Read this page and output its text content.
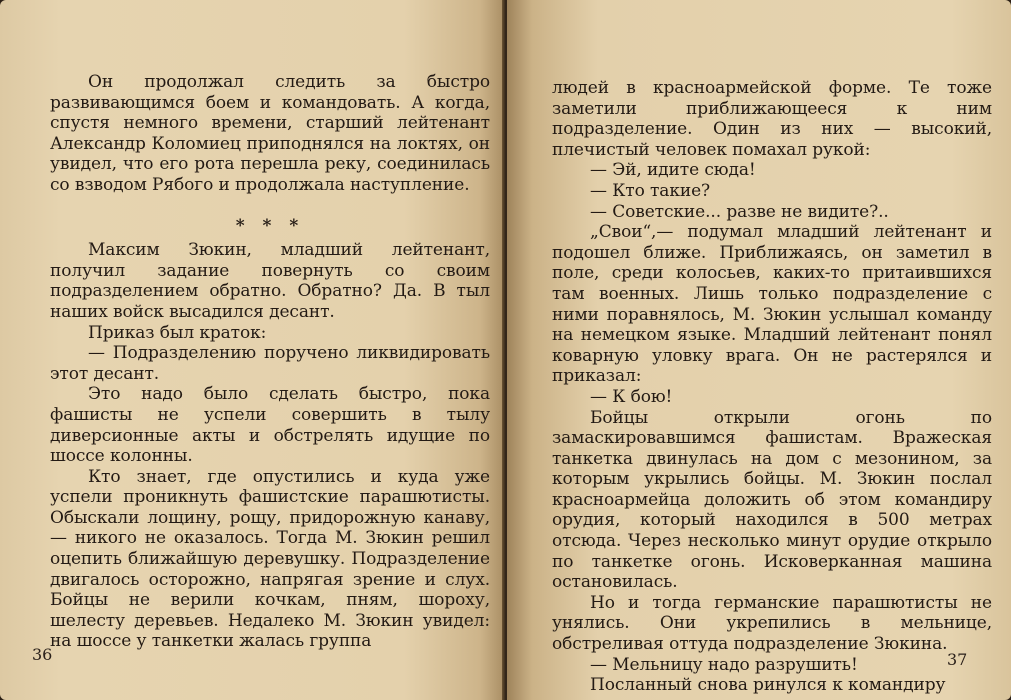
Он продолжал следить за быстро развивающимся боем и командовать. А когда, спустя немного времени, старший лейтенант Александр Коломиец приподнялся на локтях, он увидел, что его рота перешла реку, соединилась со взводом Рябого и продолжала наступление.

* * *

Максим Зюкин, младший лейтенант, получил задание повернуть со своим подразделением обратно. Обратно? Да. В тыл наших войск высадился десант.

Приказ был краток:

— Подразделению поручено ликвидировать этот десант.

Это надо было сделать быстро, пока фашисты не успели совершить в тылу диверсионные акты и обстрелять идущие по шоссе колонны.

Кто знает, где опустились и куда уже успели проникнуть фашистские парашютисты. Обыскали лощину, рощу, придорожную канаву,— никого не оказалось. Тогда М. Зюкин решил оцепить ближайшую деревушку. Подразделение двигалось осторожно, напрягая зрение и слух. Бойцы не верили кочкам, пням, шороху, шелесту деревьев. Недалеко М. Зюкин увидел: на шоссе у танкетки жалась группа

36

людей в красноармейской форме. Те тоже заметили приближающееся к ним подразделение. Один из них — высокий, плечистый человек помахал рукой:

— Эй, идите сюда!

— Кто такие?

— Советские... разве не видите?..

„Свои“,— подумал младший лейтенант и подошел ближе. Приближаясь, он заметил в поле, среди колосьев, каких-то притаившихся там военных. Лишь только подразделение с ними поравнялось, М. Зюкин услышал команду на немецком языке. Младший лейтенант понял коварную уловку врага. Он не растерялся и приказал:

— К бою!

Бойцы открыли огонь по замаскировавшимся фашистам. Вражеская танкетка двинулась на дом с мезонином, за которым укрылись бойцы. М. Зюкин послал красноармейца доложить об этом командиру орудия, который находился в 500 метрах отсюда. Через несколько минут орудие открыло по танкетке огонь. Исковерканная машина остановилась.

Но и тогда германские парашютисты не унялись. Они укрепились в мельнице, обстреливая оттуда подразделение Зюкина.

— Мельницу надо разрушить!

Посланный снова ринулся к командиру

37
